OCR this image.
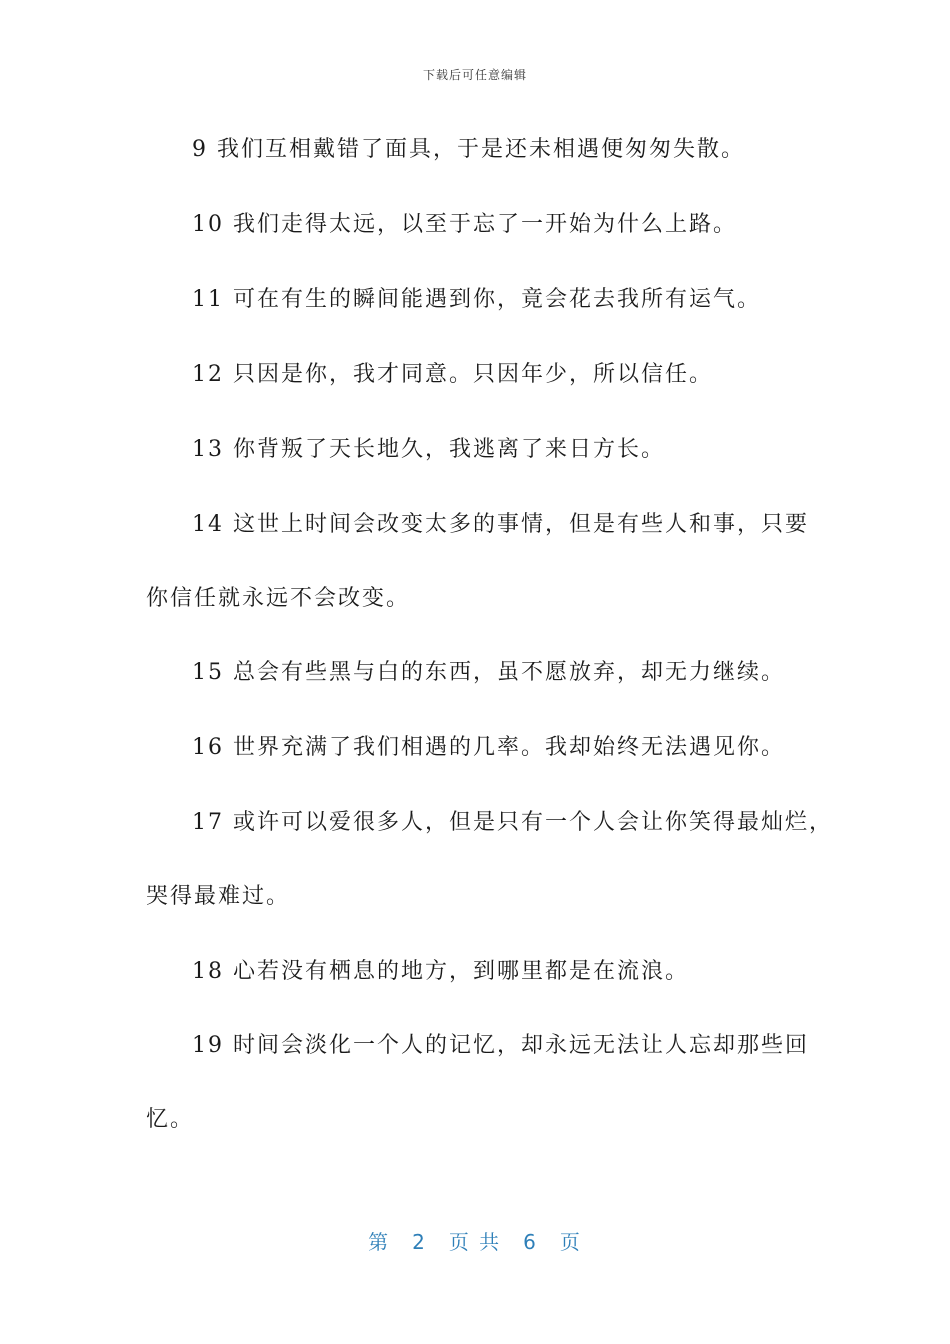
下载后可任意编辑
9 我们互相戴错了面具，于是还未相遇便匆匆失散。
10 我们走得太远，以至于忘了一开始为什么上路。
11 可在有生的瞬间能遇到你，竟会花去我所有运气。
12 只因是你，我才同意。只因年少，所以信任。
13 你背叛了天长地久，我逃离了来日方长。
14 这世上时间会改变太多的事情，但是有些人和事，只要
你信任就永远不会改变。
15 总会有些黑与白的东西，虽不愿放弃，却无力继续。
16 世界充满了我们相遇的几率。我却始终无法遇见你。
17 或许可以爱很多人，但是只有一个人会让你笑得最灿烂，
哭得最难过。
18 心若没有栖息的地方，到哪里都是在流浪。
19 时间会淡化一个人的记忆，却永远无法让人忘却那些回
忆。
第 2 页 共 6 页
